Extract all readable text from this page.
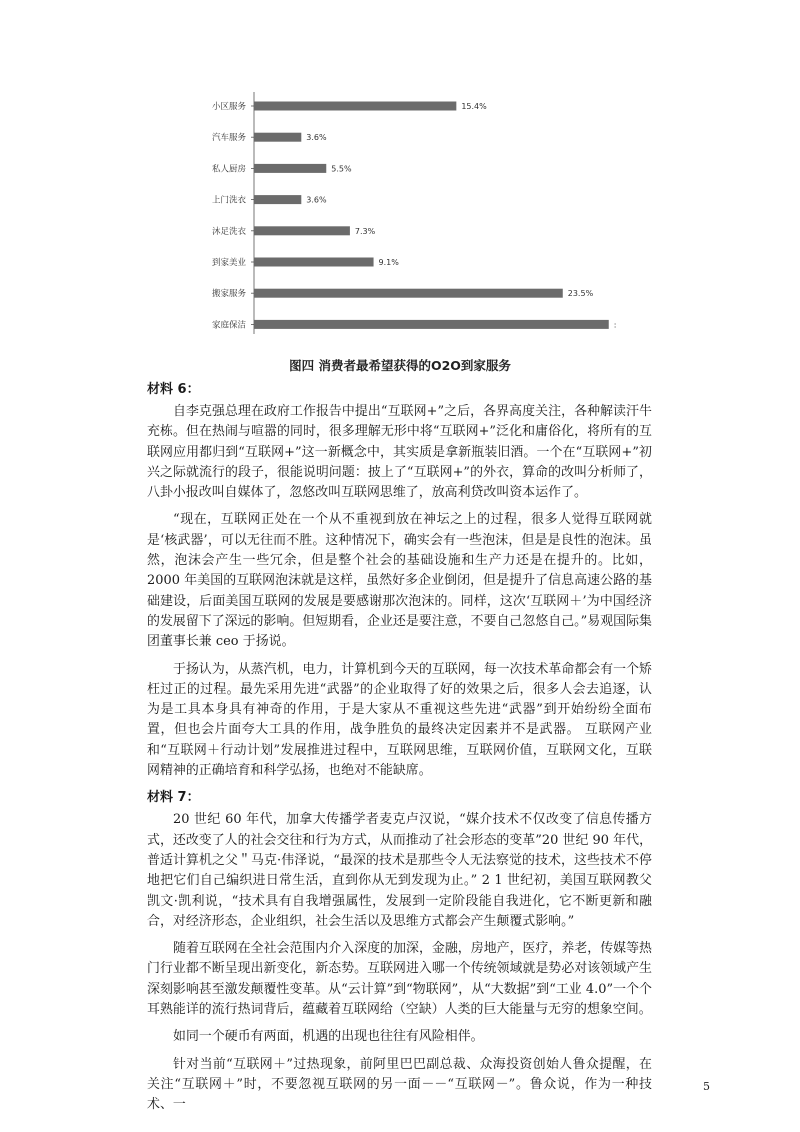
小区服务	15.4%
汽车服务	3.6%
私人厨房	5.5%
上门洗衣	3.6%
沐足洗衣	7.3%
到家美业	9.1%
搬家服务	23.5%
家庭保洁	:
图四 消费者最希望获得的O2O到家服务
材料 6：

自李克强总理在政府工作报告中提出“互联网+”之后，各界高度关注，各种解读汗牛充栋。但在热闹与喧嚣的同时，很多理解无形中将“互联网+”泛化和庸俗化，将所有的互联网应用都归到“互联网+”这一新概念中，其实质是拿新瓶装旧酒。一个在“互联网+”初兴之际就流行的段子，很能说明问题：披上了“互联网+”的外衣，算命的改叫分析师了，八卦小报改叫自媒体了，忽悠改叫互联网思维了，放高利贷改叫资本运作了。

“现在，互联网正处在一个从不重视到放在神坛之上的过程，很多人觉得互联网就是‘核武器’，可以无往而不胜。这种情况下，确实会有一些泡沫，但是是良性的泡沫。虽然，泡沫会产生一些冗余，但是整个社会的基础设施和生产力还是在提升的。比如，2000 年美国的互联网泡沫就是这样，虽然好多企业倒闭，但是提升了信息高速公路的基础建设，后面美国互联网的发展是要感谢那次泡沫的。同样，这次‘互联网＋’为中国经济的发展留下了深远的影响。但短期看，企业还是要注意，不要自己忽悠自己。”易观国际集团董事长兼 ceo 于扬说。

于扬认为，从蒸汽机，电力，计算机到今天的互联网，每一次技术革命都会有一个矫枉过正的过程。最先采用先进“武器”的企业取得了好的效果之后，很多人会去追逐，认为是工具本身具有神奇的作用，于是大家从不重视这些先进“武器”到开始纷纷全面布置，但也会片面夸大工具的作用，战争胜负的最终决定因素并不是武器。 互联网产业和“互联网＋行动计划”发展推进过程中，互联网思维，互联网价值，互联网文化，互联网精神的正确培育和科学弘扬，也绝对不能缺席。

材料 7：

20 世纪 60 年代，加拿大传播学者麦克卢汉说，“媒介技术不仅改变了信息传播方式，还改变了人的社会交往和行为方式，从而推动了社会形态的变革”20 世纪 90 年代，普适计算机之父＂马克·伟泽说，“最深的技术是那些令人无法察觉的技术，这些技术不停地把它们自己编织进日常生活，直到你从无到发现为止。” 2 1 世纪初，美国互联网教父凯文·凯利说，“技术具有自我增强属性，发展到一定阶段能自我进化，它不断更新和融合，对经济形态，企业组织，社会生活以及思维方式都会产生颠覆式影响。”

随着互联网在全社会范围内介入深度的加深，金融，房地产，医疗，养老，传媒等热门行业都不断呈现出新变化，新态势。互联网进入哪一个传统领域就是势必对该领域产生深刻影响甚至激发颠覆性变革。从“云计算”到“物联网”，从“大数据”到“工业 4.0”一个个耳熟能详的流行热词背后，蕴藏着互联网给（空缺）人类的巨大能量与无穷的想象空间。

如同一个硬币有两面，机遇的出现也往往有风险相伴。

针对当前“互联网＋”过热现象，前阿里巴巴副总裁、众海投资创始人鲁众提醒，在关注“互联网＋”时，不要忽视互联网的另一面－－“互联网－”。鲁众说，作为一种技术、一

5
